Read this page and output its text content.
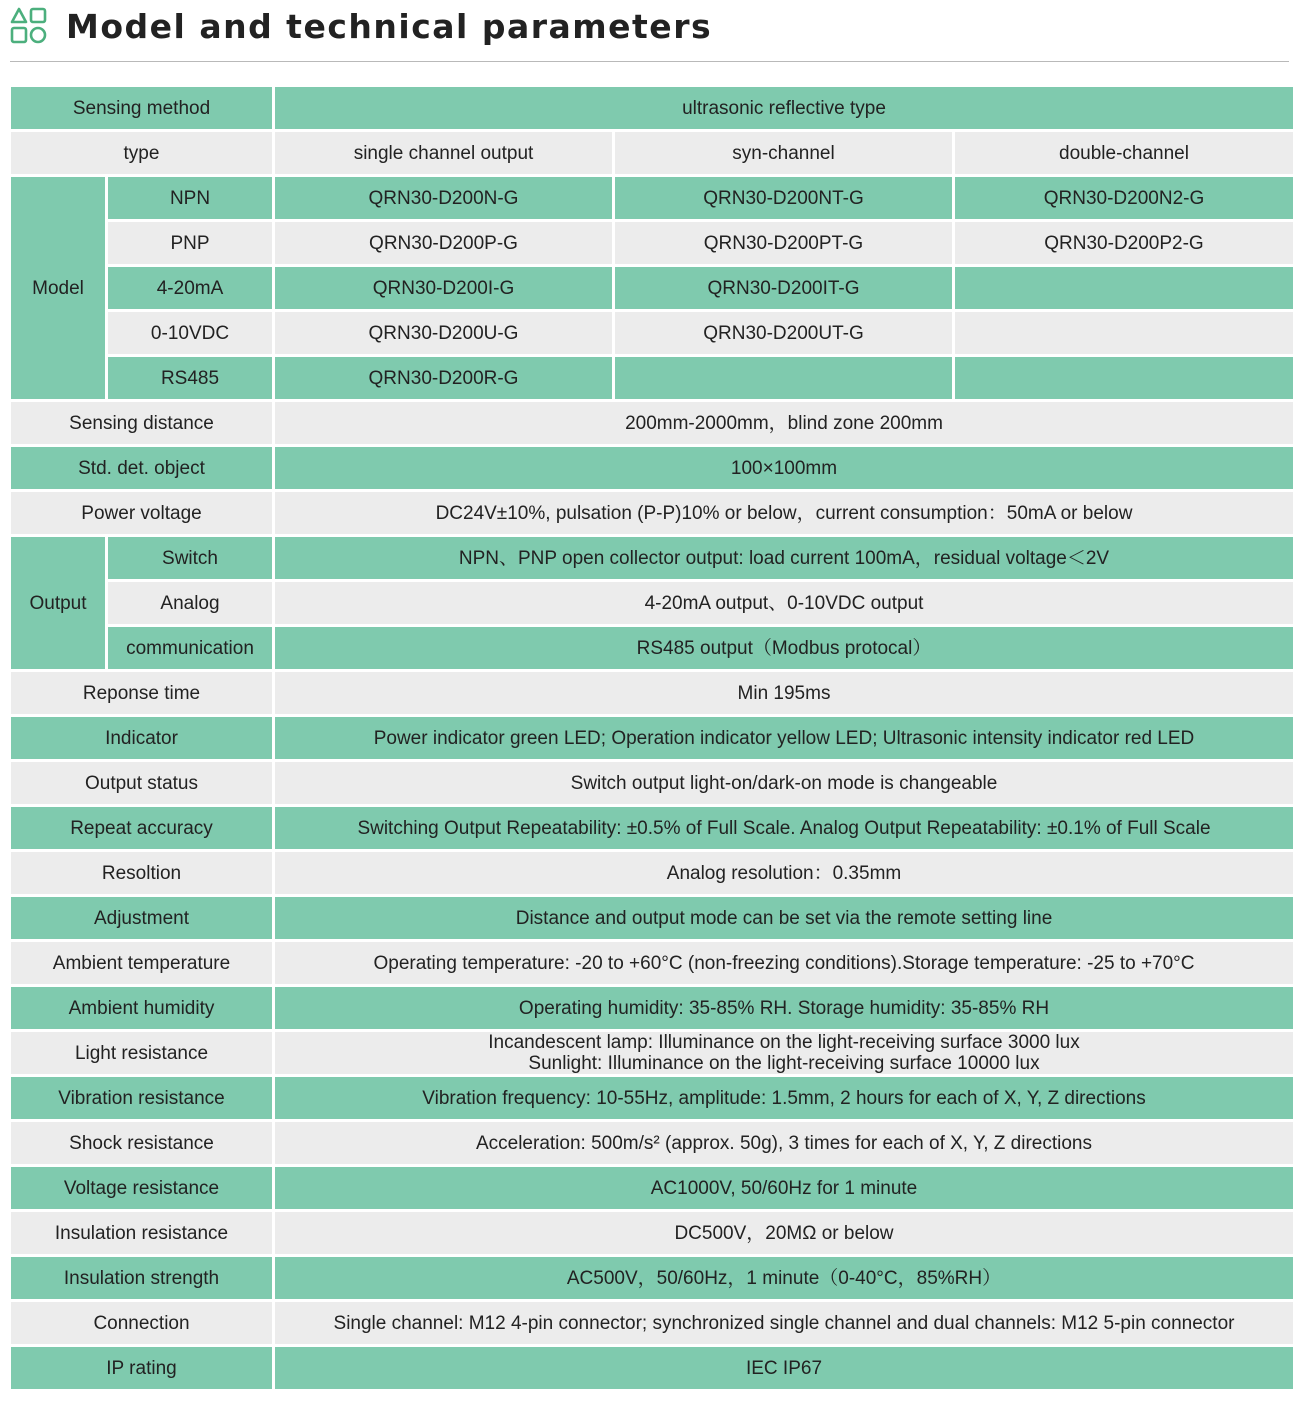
Model and technical parameters
Sensing method		ultrasonic reflective type		
type		single channel output	syn-channel	double-channel
Model	NPN	QRN30-D200N-G	QRN30-D200NT-G	QRN30-D200N2-G
	PNP	QRN30-D200P-G	QRN30-D200PT-G	QRN30-D200P2-G
	4-20mA	QRN30-D200I-G	QRN30-D200IT-G	
	0-10VDC	QRN30-D200U-G	QRN30-D200UT-G	
	RS485	QRN30-D200R-G		
Sensing distance		200mm-2000mm，blind zone 200mm		
Std. det. object		100×100mm		
Power voltage		DC24V±10%, pulsation (P-P)10% or below，current consumption：50mA or below		
Output	Switch	NPN、PNP open collector output: load current 100mA，residual voltage＜2V		
	Analog	4-20mA output、0-10VDC output		
	communication	RS485 output（Modbus protocal）		
Reponse time		Min 195ms		
Indicator		Power indicator green LED; Operation indicator yellow LED; Ultrasonic intensity indicator red LED		
Output status		Switch output light-on/dark-on mode is changeable		
Repeat accuracy		Switching Output Repeatability: ±0.5% of Full Scale. Analog Output Repeatability: ±0.1% of Full Scale		
Resoltion		Analog resolution：0.35mm		
Adjustment		Distance and output mode can be set via the remote setting line		
Ambient temperature		Operating temperature: -20 to +60°C (non-freezing conditions).Storage temperature: -25 to +70°C		
Ambient humidity		Operating humidity: 35-85% RH. Storage humidity: 35-85% RH		
Light resistance		Incandescent lamp: Illuminance on the light-receiving surface 3000 lux
Sunlight: Illuminance on the light-receiving surface 10000 lux		

Vibration resistance		Vibration frequency: 10-55Hz, amplitude: 1.5mm, 2 hours for each of X, Y, Z directions		
Shock resistance		Acceleration: 500m/s² (approx. 50g), 3 times for each of X, Y, Z directions		
Voltage resistance		AC1000V, 50/60Hz for 1 minute		
Insulation resistance		DC500V，20MΩ or below		
Insulation strength		AC500V，50/60Hz，1 minute（0-40°C，85%RH）		
Connection		Single channel: M12 4-pin connector; synchronized single channel and dual channels: M12 5-pin connector		
IP rating		IEC IP67		
